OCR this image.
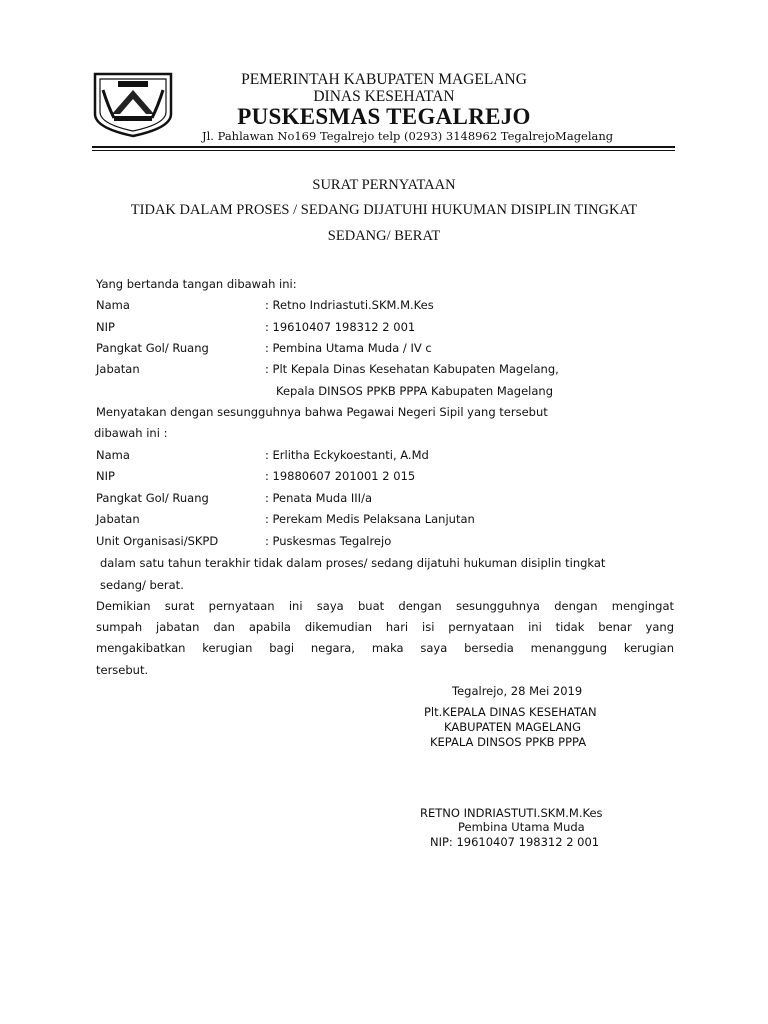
PEMERINTAH KABUPATEN MAGELANG
DINAS KESEHATAN
PUSKESMAS TEGALREJO
Jl. Pahlawan No169 Tegalrejo telp (0293) 3148962 TegalrejoMagelang
SURAT PERNYATAAN
TIDAK DALAM PROSES / SEDANG DIJATUHI HUKUMAN DISIPLIN TINGKAT
SEDANG/ BERAT
Yang bertanda tangan dibawah ini:
Nama	: Retno Indriastuti.SKM.M.Kes
NIP	: 19610407 198312 2 001
Pangkat Gol/ Ruang	: Pembina Utama Muda / IV c
Jabatan	: Plt Kepala Dinas Kesehatan Kabupaten Magelang,
Kepala DINSOS PPKB PPPA Kabupaten Magelang
Menyatakan dengan sesungguhnya bahwa Pegawai Negeri Sipil yang tersebut
dibawah ini :
Nama	: Erlitha Eckykoestanti, A.Md
NIP	: 19880607 201001 2 015
Pangkat Gol/ Ruang	: Penata Muda III/a
Jabatan	: Perekam Medis Pelaksana Lanjutan
Unit Organisasi/SKPD	: Puskesmas Tegalrejo
dalam satu tahun terakhir tidak dalam proses/ sedang dijatuhi hukuman disiplin tingkat
sedang/ berat.
Demikian surat pernyataan ini saya buat dengan sesungguhnya dengan mengingat
sumpah jabatan dan apabila dikemudian hari isi pernyataan ini tidak benar yang
mengakibatkan kerugian bagi negara, maka saya bersedia menanggung kerugian
tersebut.
Tegalrejo, 28 Mei 2019
Plt.KEPALA DINAS KESEHATAN
KABUPATEN MAGELANG
KEPALA DINSOS PPKB PPPA
RETNO INDRIASTUTI.SKM.M.Kes
Pembina Utama Muda
NIP: 19610407 198312 2 001
